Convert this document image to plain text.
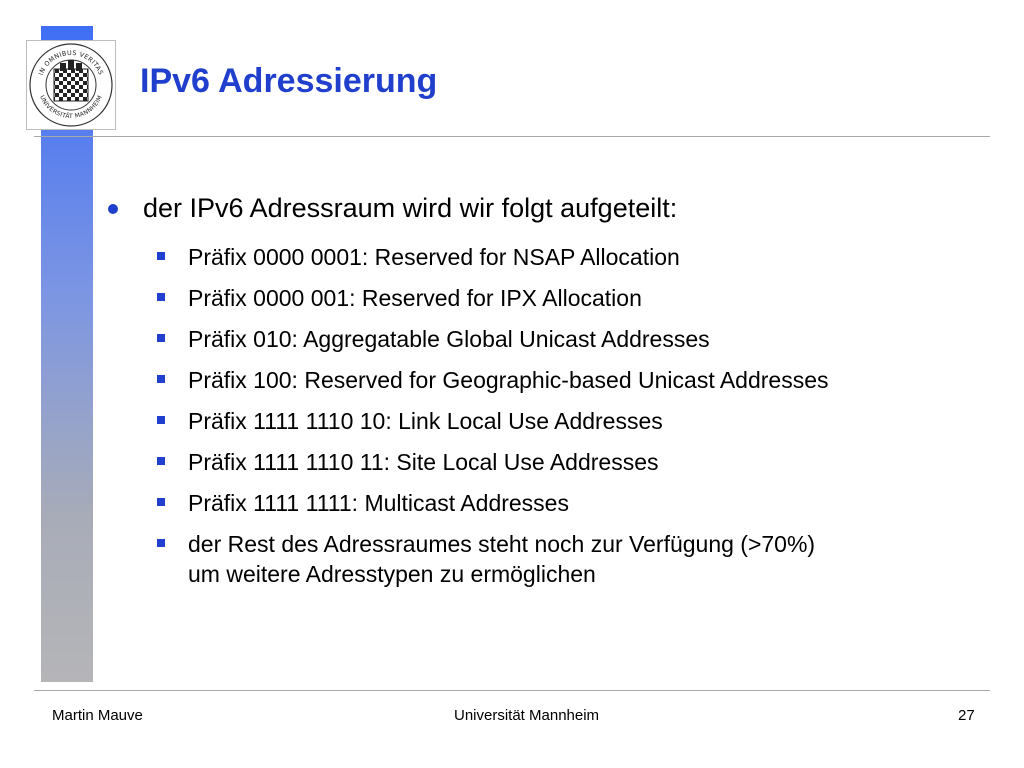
IN OMNIBUS VERITAS
UNIVERSITÄT MANNHEIM IPv6 Adressierung
der IPv6 Adressraum wird wir folgt aufgeteilt:
Präfix 0000 0001: Reserved for NSAP Allocation
Präfix 0000 001: Reserved for IPX Allocation
Präfix 010: Aggregatable Global Unicast Addresses
Präfix 100: Reserved for Geographic-based Unicast Addresses
Präfix 1111 1110 10: Link Local Use Addresses
Präfix 1111 1110 11: Site Local Use Addresses
Präfix 1111 1111: Multicast Addresses
der Rest des Adressraumes steht noch zur Verfügung (>70%)
um weitere Adresstypen zu ermöglichen
Martin Mauve	Universität Mannheim	27
